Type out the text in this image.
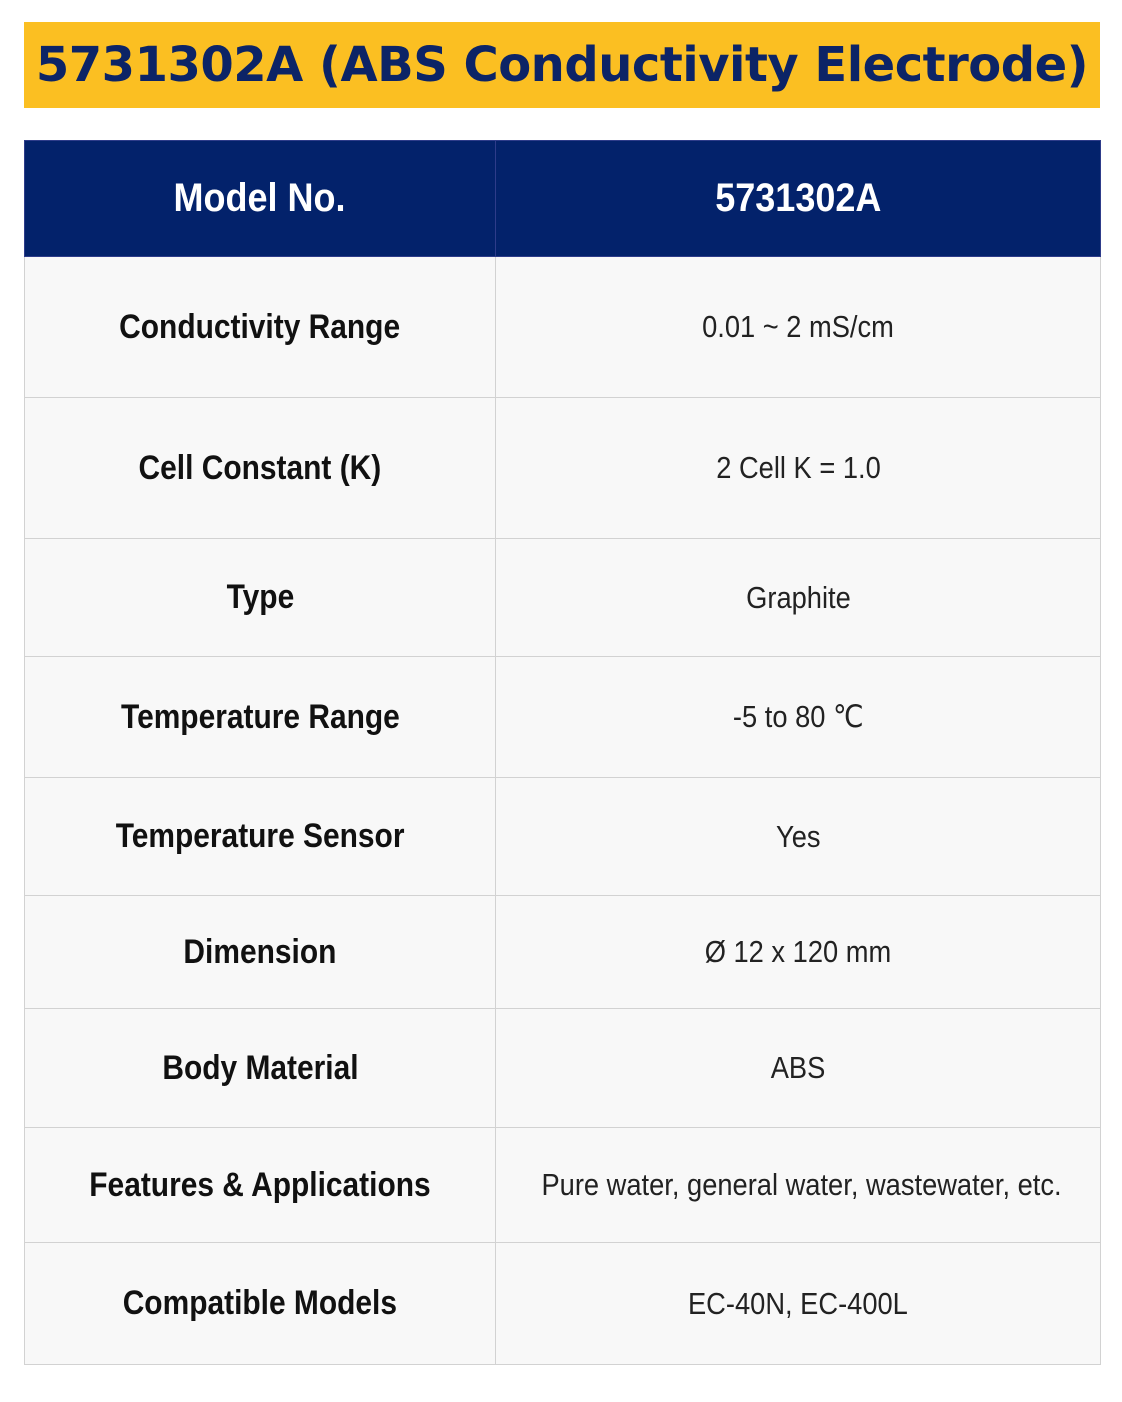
5731302A (ABS Conductivity Electrode)
Model No.	5731302A
Conductivity Range	0.01 ~ 2 mS/cm
Cell Constant (K)	2 Cell K = 1.0
Type	Graphite
Temperature Range	-5 to 80 ℃
Temperature Sensor	Yes
Dimension	Ø 12 x 120 mm
Body Material	ABS
Features & Applications	Pure water, general water, wastewater, etc.
Compatible Models	EC-40N, EC-400L
